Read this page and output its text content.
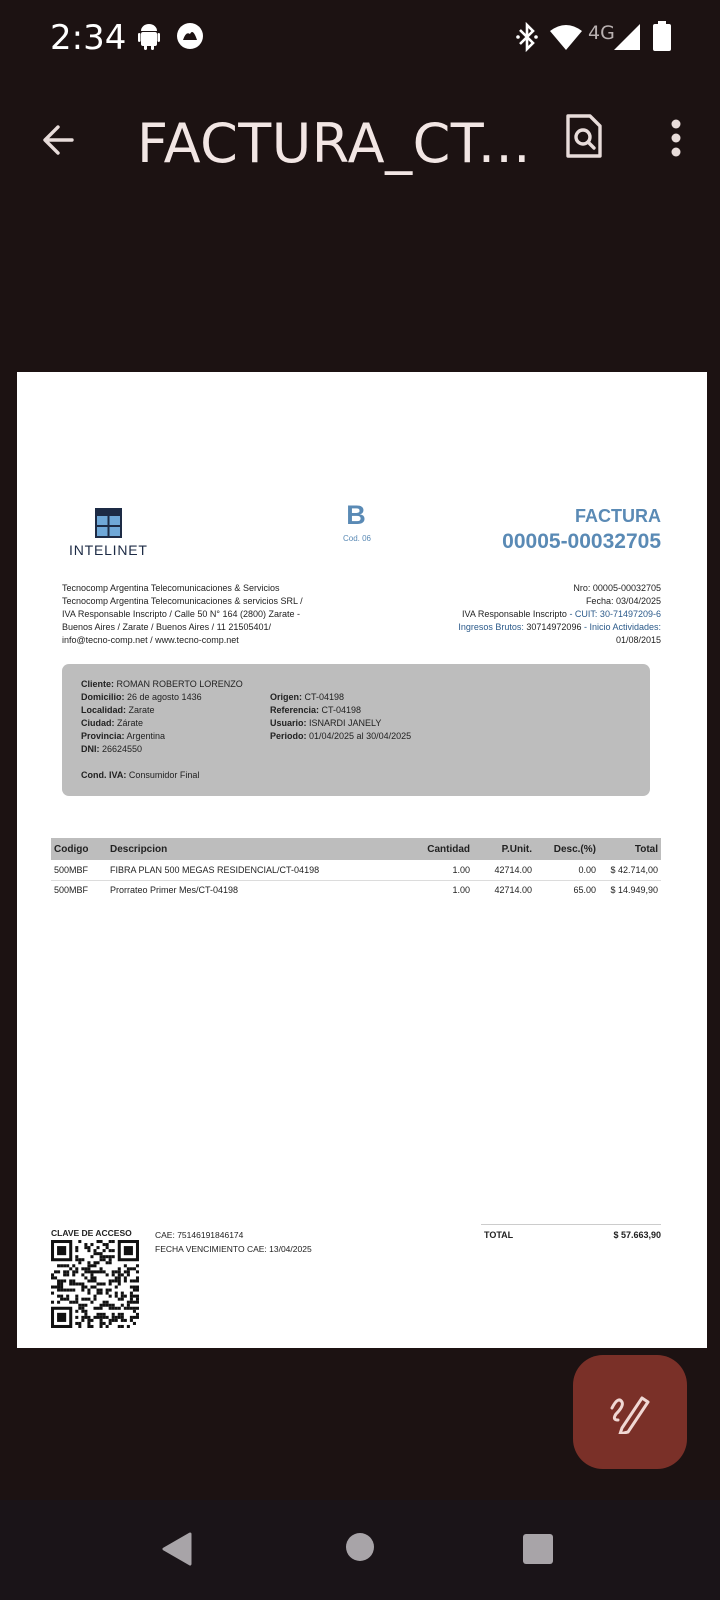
2:34	4G
FACTURA_CT...
INTELINET
B
Cod. 06
FACTURA
00005-00032705
Tecnocomp Argentina Telecomunicaciones & Servicios
Tecnocomp Argentina Telecomunicaciones & servicios SRL /
IVA Responsable Inscripto / Calle 50 N° 164 (2800) Zarate -
Buenos Aires / Zarate / Buenos Aires / 11 21505401/
info@tecno-comp.net / www.tecno-comp.net
Nro: 00005-00032705
Fecha: 03/04/2025
IVA Responsable Inscripto - CUIT: 30-71497209-6
Ingresos Brutos: 30714972096 - Inicio Actividades:
01/08/2015
Cliente: ROMAN ROBERTO LORENZO
Domicilio: 26 de agosto 1436
Localidad: Zarate
Ciudad: Zárate
Provincia: Argentina
DNI: 26624550
Origen: CT-04198
Referencia: CT-04198
Usuario: ISNARDI JANELY
Periodo: 01/04/2025 al 30/04/2025
Cond. IVA: Consumidor Final
Codigo	Descripcion	Cantidad	P.Unit.	Desc.(%)	Total
500MBF	FIBRA PLAN 500 MEGAS RESIDENCIAL/CT-04198	1.00	42714.00	0.00	$ 42.714,00
500MBF	Prorrateo Primer Mes/CT-04198	1.00	42714.00	65.00	$ 14.949,90
CLAVE DE ACCESO	CAE: 75146191846174
FECHA VENCIMIENTO CAE: 13/04/2025
TOTAL	$ 57.663,90
